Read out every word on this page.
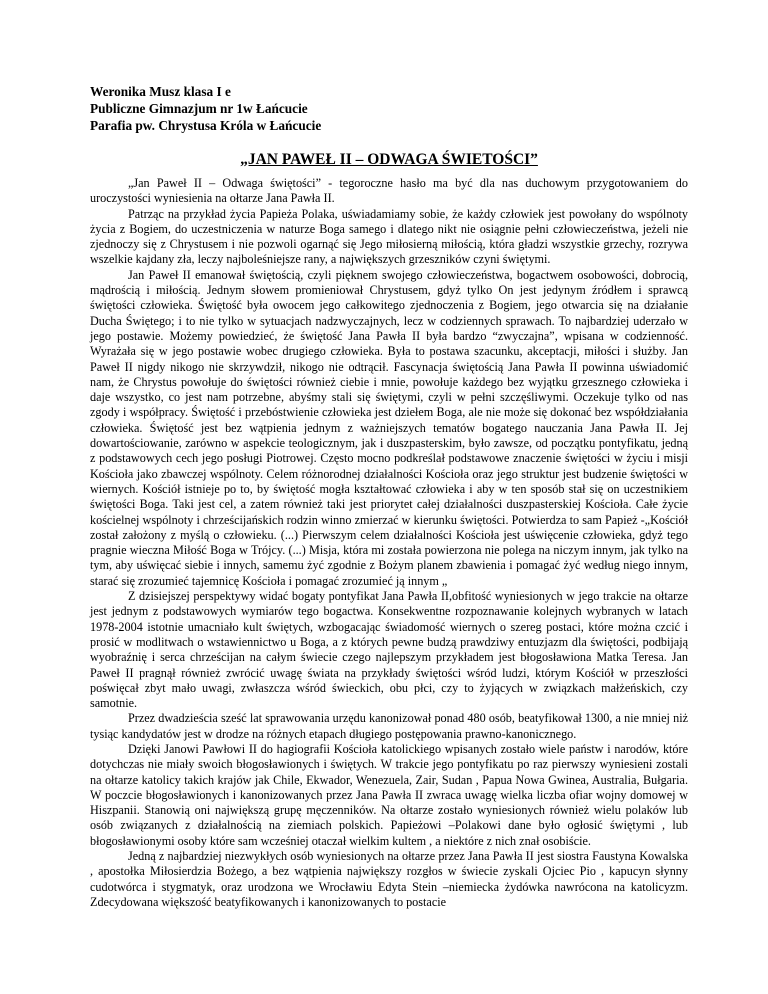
Weronika Musz klasa I e
Publiczne Gimnazjum nr 1w Łańcucie
Parafia pw. Chrystusa Króla w Łańcucie
„JAN PAWEŁ II – ODWAGA ŚWIETOŚCI”

„Jan Paweł II – Odwaga świętości” - tegoroczne hasło ma być dla nas duchowym przygotowaniem do uroczystości wyniesienia na ołtarze Jana Pawła II.

Patrząc na przykład życia Papieża Polaka, uświadamiamy sobie, że każdy człowiek jest powołany do wspólnoty życia z Bogiem, do uczestniczenia w naturze Boga samego i dlatego nikt nie osiągnie pełni człowieczeństwa, jeżeli nie zjednoczy się z Chrystusem i nie pozwoli ogarnąć się Jego miłosierną miłością, która gładzi wszystkie grzechy, rozrywa wszelkie kajdany zła, leczy najboleśniejsze rany, a największych grzeszników czyni świętymi.

Jan Paweł II emanował świętością, czyli pięknem swojego człowieczeństwa, bogactwem osobowości, dobrocią, mądrością i miłością. Jednym słowem promieniował Chrystusem, gdyż tylko On jest jedynym źródłem i sprawcą świętości człowieka. Świętość była owocem jego całkowitego zjednoczenia z Bogiem, jego otwarcia się na działanie Ducha Świętego; i to nie tylko w sytuacjach nadzwyczajnych, lecz w codziennych sprawach. To najbardziej uderzało w jego postawie. Możemy powiedzieć, że świętość Jana Pawła II była bardzo “zwyczajna”, wpisana w codzienność. Wyrażała się w jego postawie wobec drugiego człowieka. Była to postawa szacunku, akceptacji, miłości i służby. Jan Paweł II nigdy nikogo nie skrzywdził, nikogo nie odtrącił. Fascynacja świętością Jana Pawła II powinna uświadomić nam, że Chrystus powołuje do świętości również ciebie i mnie, powołuje każdego bez wyjątku grzesznego człowieka i daje wszystko, co jest nam potrzebne, abyśmy stali się świętymi, czyli w pełni szczęśliwymi. Oczekuje tylko od nas zgody i współpracy. Świętość i przebóstwienie człowieka jest dziełem Boga, ale nie może się dokonać bez współdziałania człowieka. Świętość jest bez wątpienia jednym z ważniejszych tematów bogatego nauczania Jana Pawła II. Jej dowartościowanie, zarówno w aspekcie teologicznym, jak i duszpasterskim, było zawsze, od początku pontyfikatu, jedną z podstawowych cech jego posługi Piotrowej. Często mocno podkreślał podstawowe znaczenie świętości w życiu i misji Kościoła jako zbawczej wspólnoty. Celem różnorodnej działalności Kościoła oraz jego struktur jest budzenie świętości w wiernych. Kościół istnieje po to, by świętość mogła kształtować człowieka i aby w ten sposób stał się on uczestnikiem świętości Boga. Taki jest cel, a zatem również taki jest priorytet całej działalności duszpasterskiej Kościoła. Całe życie kościelnej wspólnoty i chrześcijańskich rodzin winno zmierzać w kierunku świętości. Potwierdza to sam Papież -„Kościół został założony z myślą o człowieku. (...) Pierwszym celem działalności Kościoła jest uświęcenie człowieka, gdyż tego pragnie wieczna Miłość Boga w Trójcy. (...) Misja, która mi została powierzona nie polega na niczym innym, jak tylko na tym, aby uświęcać siebie i innych, samemu żyć zgodnie z Bożym planem zbawienia i pomagać żyć według niego innym, starać się zrozumieć tajemnicę Kościoła i pomagać zrozumieć ją innym „

Z dzisiejszej perspektywy widać bogaty pontyfikat Jana Pawła II,obfitość wyniesionych w jego trakcie na ołtarze jest jednym z podstawowych wymiarów tego bogactwa. Konsekwentne rozpoznawanie kolejnych wybranych w latach 1978-2004 istotnie umacniało kult świętych, wzbogacając świadomość wiernych o szereg postaci, które można czcić i prosić w modlitwach o wstawiennictwo u Boga, a z których pewne budzą prawdziwy entuzjazm dla świętości, podbijają wyobraźnię i serca chrześcijan na całym świecie czego najlepszym przykładem jest błogosławiona Matka Teresa. Jan Paweł II pragnął również zwrócić uwagę świata na przykłady świętości wśród ludzi, którym Kościół w przeszłości poświęcał zbyt mało uwagi, zwłaszcza wśród świeckich, obu płci, czy to żyjących w związkach małżeńskich, czy samotnie.

Przez dwadzieścia sześć lat sprawowania urzędu kanonizował ponad 480 osób, beatyfikował 1300, a nie mniej niż tysiąc kandydatów jest w drodze na różnych etapach długiego postępowania prawno-kanonicznego.

Dzięki Janowi Pawłowi II do hagiografii Kościoła katolickiego wpisanych zostało wiele państw i narodów, które dotychczas nie miały swoich błogosławionych i świętych. W trakcie jego pontyfikatu po raz pierwszy wyniesieni zostali na ołtarze katolicy takich krajów jak Chile, Ekwador, Wenezuela, Zair, Sudan , Papua Nowa Gwinea, Australia, Bułgaria. W poczcie błogosławionych i kanonizowanych przez Jana Pawła II zwraca uwagę wielka liczba ofiar wojny domowej w Hiszpanii. Stanowią oni największą grupę męczenników. Na ołtarze zostało wyniesionych również wielu polaków lub osób związanych z działalnością na ziemiach polskich. Papieżowi –Polakowi dane było ogłosić świętymi , lub błogosławionymi osoby które sam wcześniej otaczał wielkim kultem , a niektóre z nich znał osobiście.

Jedną z najbardziej niezwykłych osób wyniesionych na ołtarze przez Jana Pawła II jest siostra Faustyna Kowalska , apostołka Miłosierdzia Bożego, a bez wątpienia największy rozgłos w świecie zyskali Ojciec Pio , kapucyn słynny cudotwórca i stygmatyk, oraz urodzona we Wrocławiu Edyta Stein –niemiecka żydówka nawrócona na katolicyzm. Zdecydowana większość beatyfikowanych i kanonizowanych to postacie
